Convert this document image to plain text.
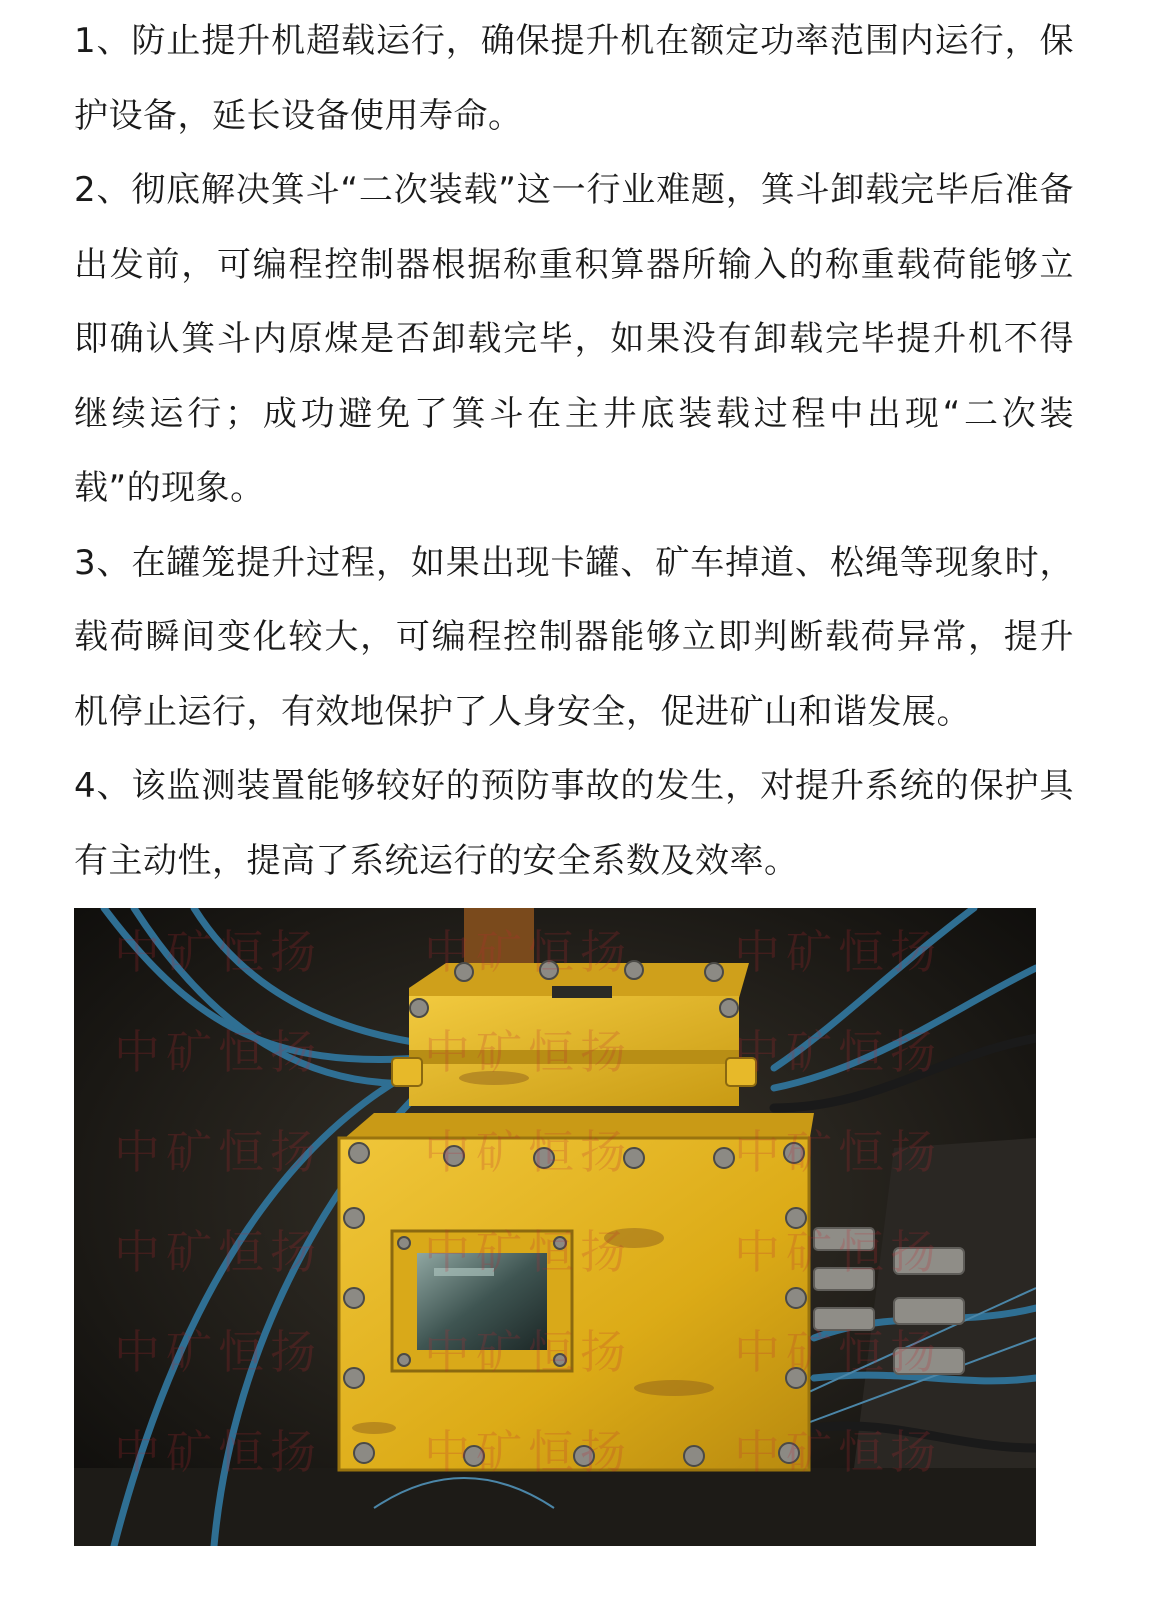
1、防止提升机超载运行，确保提升机在额定功率范围内运行，保护设备，延长设备使用寿命。

2、彻底解决箕斗“二次装载”这一行业难题，箕斗卸载完毕后准备出发前，可编程控制器根据称重积算器所输入的称重载荷能够立即确认箕斗内原煤是否卸载完毕，如果没有卸载完毕提升机不得继续运行；成功避免了箕斗在主井底装载过程中出现“二次装载”的现象。

3、在罐笼提升过程，如果出现卡罐、矿车掉道、松绳等现象时，载荷瞬间变化较大，可编程控制器能够立即判断载荷异常，提升机停止运行，有效地保护了人身安全，促进矿山和谐发展。

4、该监测装置能够较好的预防事故的发生，对提升系统的保护具有主动性，提高了系统运行的安全系数及效率。

中矿恒扬 中矿恒扬 中矿恒扬
中矿恒扬 中矿恒扬 中矿恒扬
中矿恒扬 中矿恒扬 中矿恒扬
中矿恒扬 中矿恒扬 中矿恒扬
中矿恒扬 中矿恒扬 中矿恒扬
中矿恒扬 中矿恒扬 中矿恒扬
